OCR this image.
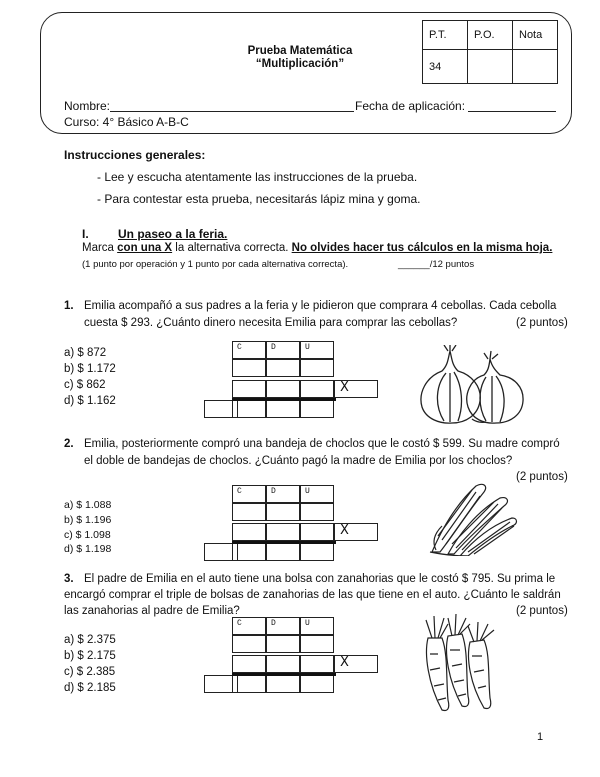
Prueba Matemática
“Multiplicación”
P.T.	P.O.	Nota
34		
Nombre:	Fecha de aplicación:
Curso: 4° Básico A-B-C
Instrucciones generales:
- Lee y escucha atentamente las instrucciones de la prueba.
- Para contestar esta prueba, necesitarás lápiz mina y goma.
I. Un paseo a la feria.
Marca con una X la alternativa correcta. No olvides hacer tus cálculos en la misma hoja.
(1 punto por operación y 1 punto por cada alternativa correcta).	______/12 puntos
1. Emilia acompañó a sus padres a la feria y le pidieron que comprara 4 cebollas. Cada cebolla
cuesta $ 293. ¿Cuánto dinero necesita Emilia para comprar las cebollas?	(2 puntos)
a) $ 872
b) $ 1.172
c) $ 862
d) $ 1.162
C	D	U
X
2. Emilia, posteriormente compró una bandeja de choclos que le costó $ 599. Su madre compró
el doble de bandejas de choclos. ¿Cuánto pagó la madre de Emilia por los choclos?
(2 puntos)
a) $ 1.088
b) $ 1.196
c) $ 1.098
d) $ 1.198
C	D	U
X
3. El padre de Emilia en el auto tiene una bolsa con zanahorias que le costó $ 795. Su prima le
encargó comprar el triple de bolsas de zanahorias de las que tiene en el auto. ¿Cuánto le saldrán
las zanahorias al padre de Emilia?	(2 puntos)
a) $ 2.375
b) $ 2.175
c) $ 2.385
d) $ 2.185
C	D	U
X
1
